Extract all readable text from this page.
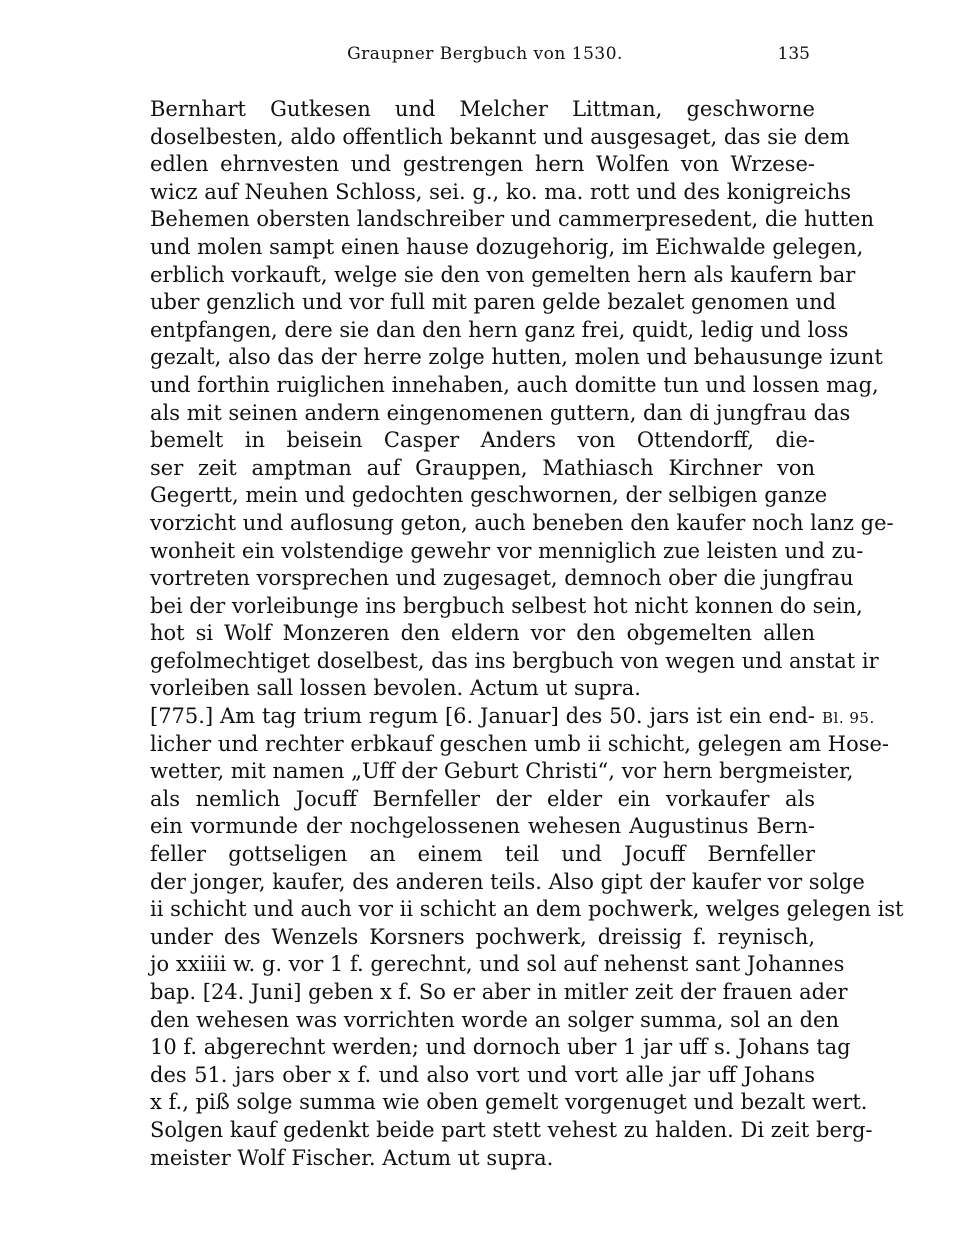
Graupner Bergbuch von 1530.	135
Bl. 95.
Bernhart Gutkesen und Melcher Littman, geschworne
doselbesten, aldo offentlich bekannt und ausgesaget, das sie dem
edlen ehrnvesten und gestrengen hern Wolfen von Wrzese-
wicz auf Neuhen Schloss, sei. g., ko. ma. rott und des konigreichs
Behemen obersten landschreiber und cammerpresedent, die hutten
und molen sampt einen hause dozugehorig, im Eichwalde gelegen,
erblich vorkauft, welge sie den von gemelten hern als kaufern bar
uber genzlich und vor full mit paren gelde bezalet genomen und
entpfangen, dere sie dan den hern ganz frei, quidt, ledig und loss
gezalt, also das der herre zolge hutten, molen und behausunge izunt
und forthin ruiglichen innehaben, auch domitte tun und lossen mag,
als mit seinen andern eingenomenen guttern, dan di jungfrau das
bemelt in beisein Casper Anders von Ottendorff, die-
ser zeit amptman auf Grauppen, Mathiasch Kirchner von
Gegertt, mein und gedochten geschwornen, der selbigen ganze
vorzicht und auflosung geton, auch beneben den kaufer noch lanz ge-
wonheit ein volstendige gewehr vor menniglich zue leisten und zu-
vortreten vorsprechen und zugesaget, demnoch ober die jungfrau
bei der vorleibunge ins bergbuch selbest hot nicht konnen do sein,
hot si Wolf Monzeren den eldern vor den obgemelten allen
gefolmechtiget doselbest, das ins bergbuch von wegen und anstat ir
vorleiben sall lossen bevolen. Actum ut supra.
[775.] Am tag trium regum [6. Januar] des 50. jars ist ein end-
licher und rechter erbkauf geschen umb ii schicht, gelegen am Hose-
wetter, mit namen „Uff der Geburt Christi“, vor hern bergmeister,
als nemlich Jocuff Bernfeller der elder ein vorkaufer als
ein vormunde der nochgelossenen wehesen Augustinus Bern-
feller gottseligen an einem teil und Jocuff Bernfeller
der jonger, kaufer, des anderen teils. Also gipt der kaufer vor solge
ii schicht und auch vor ii schicht an dem pochwerk, welges gelegen ist
under des Wenzels Korsners pochwerk, dreissig f. reynisch,
jo xxiiii w. g. vor 1 f. gerechnt, und sol auf nehenst sant Johannes
bap. [24. Juni] geben x f. So er aber in mitler zeit der frauen ader
den wehesen was vorrichten worde an solger summa, sol an den
10 f. abgerechnt werden; und dornoch uber 1 jar uff s. Johans tag
des 51. jars ober x f. und also vort und vort alle jar uff Johans
x f., piß solge summa wie oben gemelt vorgenuget und bezalt wert.
Solgen kauf gedenkt beide part stett vehest zu halden. Di zeit berg-
meister Wolf Fischer. Actum ut supra.
